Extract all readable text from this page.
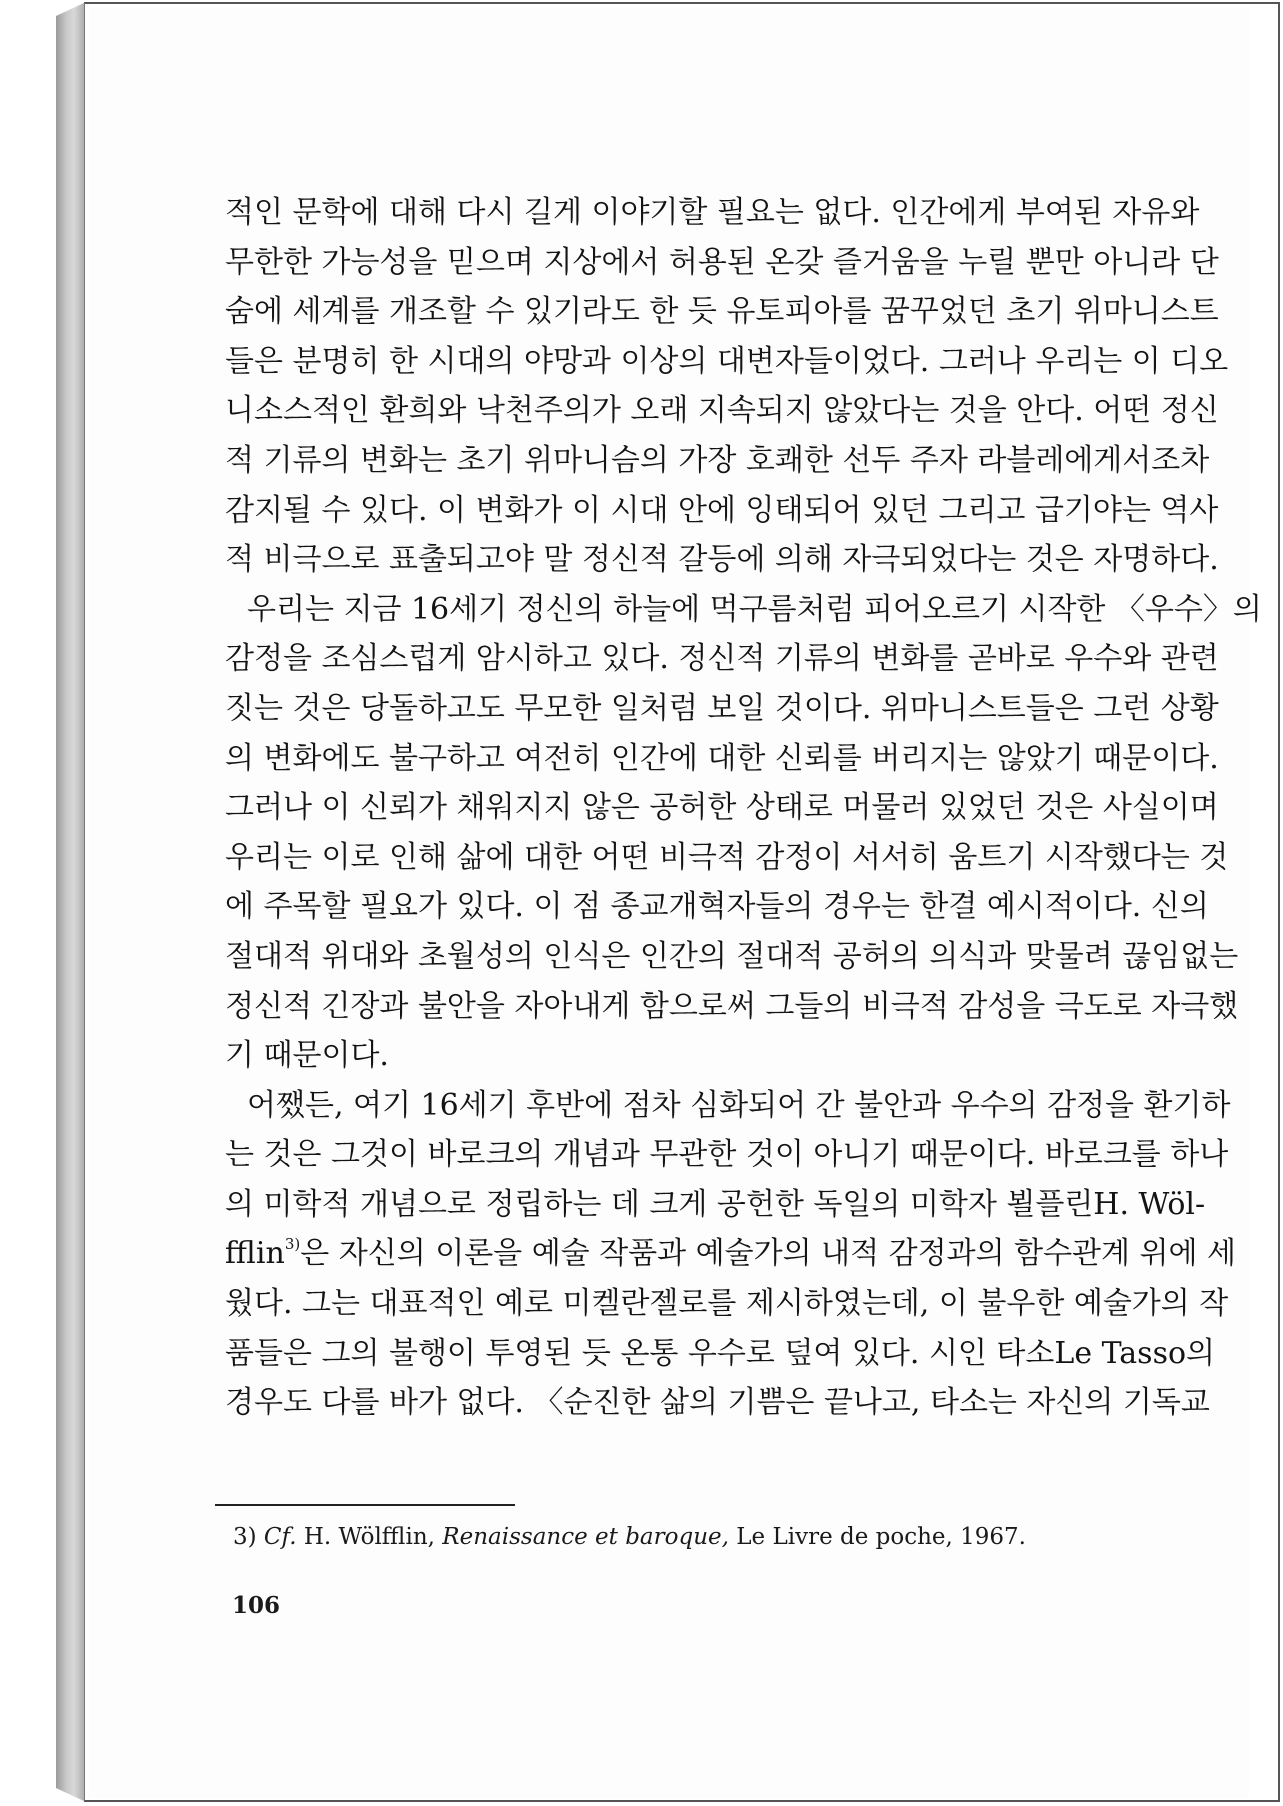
적인 문학에 대해 다시 길게 이야기할 필요는 없다. 인간에게 부여된 자유와
무한한 가능성을 믿으며 지상에서 허용된 온갖 즐거움을 누릴 뿐만 아니라 단
숨에 세계를 개조할 수 있기라도 한 듯 유토피아를 꿈꾸었던 초기 위마니스트
들은 분명히 한 시대의 야망과 이상의 대변자들이었다. 그러나 우리는 이 디오
니소스적인 환희와 낙천주의가 오래 지속되지 않았다는 것을 안다. 어떤 정신
적 기류의 변화는 초기 위마니슴의 가장 호쾌한 선두 주자 라블레에게서조차
감지될 수 있다. 이 변화가 이 시대 안에 잉태되어 있던 그리고 급기야는 역사
적 비극으로 표출되고야 말 정신적 갈등에 의해 자극되었다는 것은 자명하다.
우리는 지금 16세기 정신의 하늘에 먹구름처럼 피어오르기 시작한 〈우수〉의
감정을 조심스럽게 암시하고 있다. 정신적 기류의 변화를 곧바로 우수와 관련
짓는 것은 당돌하고도 무모한 일처럼 보일 것이다. 위마니스트들은 그런 상황
의 변화에도 불구하고 여전히 인간에 대한 신뢰를 버리지는 않았기 때문이다.
그러나 이 신뢰가 채워지지 않은 공허한 상태로 머물러 있었던 것은 사실이며
우리는 이로 인해 삶에 대한 어떤 비극적 감정이 서서히 움트기 시작했다는 것
에 주목할 필요가 있다. 이 점 종교개혁자들의 경우는 한결 예시적이다. 신의
절대적 위대와 초월성의 인식은 인간의 절대적 공허의 의식과 맞물려 끊임없는
정신적 긴장과 불안을 자아내게 함으로써 그들의 비극적 감성을 극도로 자극했
기 때문이다.
어쨌든, 여기 16세기 후반에 점차 심화되어 간 불안과 우수의 감정을 환기하
는 것은 그것이 바로크의 개념과 무관한 것이 아니기 때문이다. 바로크를 하나
의 미학적 개념으로 정립하는 데 크게 공헌한 독일의 미학자 뵐플린H. Wöl-
fflin$^{3)}$은 자신의 이론을 예술 작품과 예술가의 내적 감정과의 함수관계 위에 세
웠다. 그는 대표적인 예로 미켈란젤로를 제시하였는데, 이 불우한 예술가의 작
품들은 그의 불행이 투영된 듯 온통 우수로 덮여 있다. 시인 타소Le Tasso의
경우도 다를 바가 없다. 〈순진한 삶의 기쁨은 끝나고, 타소는 자신의 기독교
3) Cf. H. Wölfflin, Renaissance et baroque, Le Livre de poche, 1967.
106
